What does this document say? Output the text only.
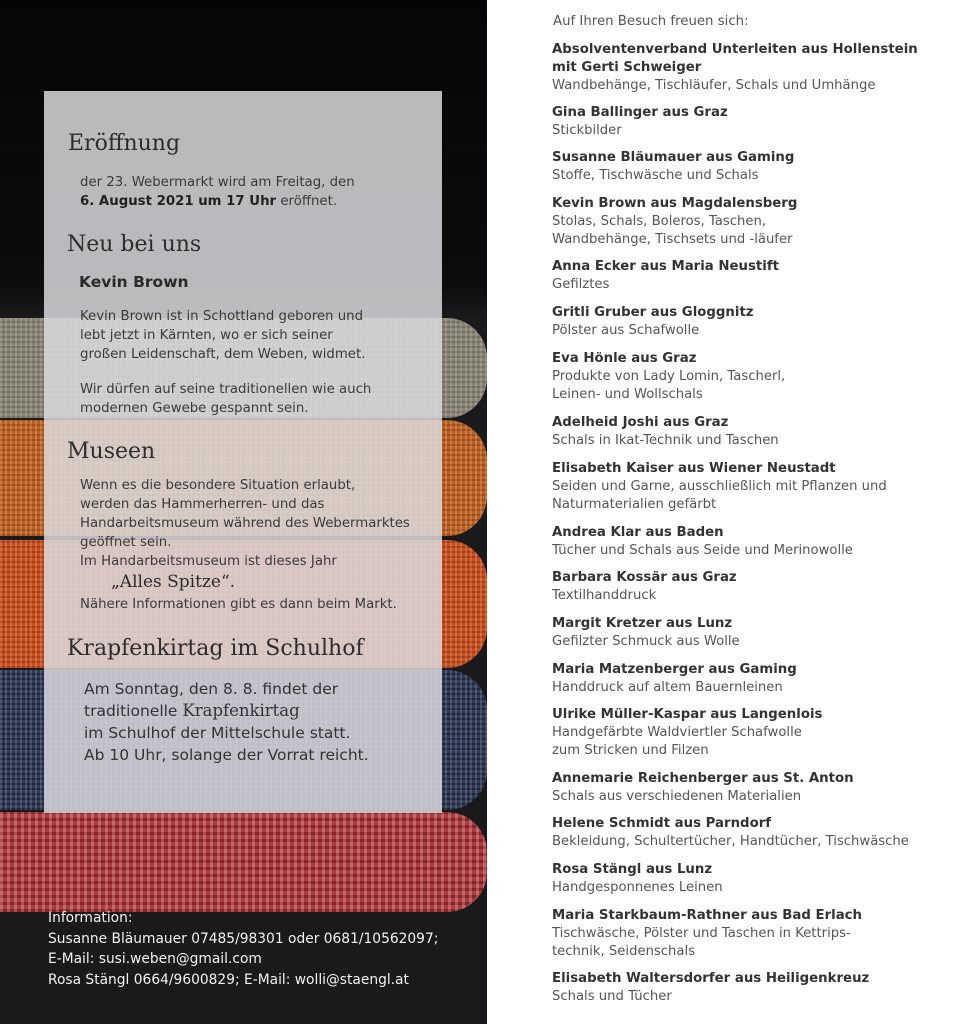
Eröffnung
der 23. Webermarkt wird am Freitag, den
6. August 2021 um 17 Uhr eröffnet.
Neu bei uns
Kevin Brown
Kevin Brown ist in Schottland geboren und
lebt jetzt in Kärnten, wo er sich seiner
großen Leidenschaft, dem Weben, widmet.
Wir dürfen auf seine traditionellen wie auch
modernen Gewebe gespannt sein.
Museen
Wenn es die besondere Situation erlaubt,
werden das Hammerherren- und das
Handarbeitsmuseum während des Webermarktes
geöffnet sein.
Im Handarbeitsmuseum ist dieses Jahr
„Alles Spitze“.
Nähere Informationen gibt es dann beim Markt.
Krapfenkirtag im Schulhof
Am Sonntag, den 8. 8. findet der
traditionelle Krapfenkirtag
im Schulhof der Mittelschule statt.
Ab 10 Uhr, solange der Vorrat reicht.
Information:
Susanne Bläumauer 07485/98301 oder 0681/10562097;
E-Mail: susi.weben@gmail.com
Rosa Stängl 0664/9600829; E-Mail: wolli@staengl.at
Auf Ihren Besuch freuen sich:
Absolventenverband Unterleiten aus Hollenstein
mit Gerti Schweiger
Wandbehänge, Tischläufer, Schals und Umhänge
Gina Ballinger aus Graz
Stickbilder
Susanne Bläumauer aus Gaming
Stoffe, Tischwäsche und Schals
Kevin Brown aus Magdalensberg
Stolas, Schals, Boleros, Taschen,
Wandbehänge, Tischsets und -läufer
Anna Ecker aus Maria Neustift
Gefilztes
Gritli Gruber aus Gloggnitz
Pölster aus Schafwolle
Eva Hönle aus Graz
Produkte von Lady Lomin, Tascherl,
Leinen- und Wollschals
Adelheid Joshi aus Graz
Schals in Ikat-Technik und Taschen
Elisabeth Kaiser aus Wiener Neustadt
Seiden und Garne, ausschließlich mit Pflanzen und
Naturmaterialien gefärbt
Andrea Klar aus Baden
Tücher und Schals aus Seide und Merinowolle
Barbara Kossär aus Graz
Textilhanddruck
Margit Kretzer aus Lunz
Gefilzter Schmuck aus Wolle
Maria Matzenberger aus Gaming
Handdruck auf altem Bauernleinen
Ulrike Müller-Kaspar aus Langenlois
Handgefärbte Waldviertler Schafwolle
zum Stricken und Filzen
Annemarie Reichenberger aus St. Anton
Schals aus verschiedenen Materialien
Helene Schmidt aus Parndorf
Bekleidung, Schultertücher, Handtücher, Tischwäsche
Rosa Stängl aus Lunz
Handgesponnenes Leinen
Maria Starkbaum-Rathner aus Bad Erlach
Tischwäsche, Pölster und Taschen in Kettrips-
technik, Seidenschals
Elisabeth Waltersdorfer aus Heiligenkreuz
Schals und Tücher
